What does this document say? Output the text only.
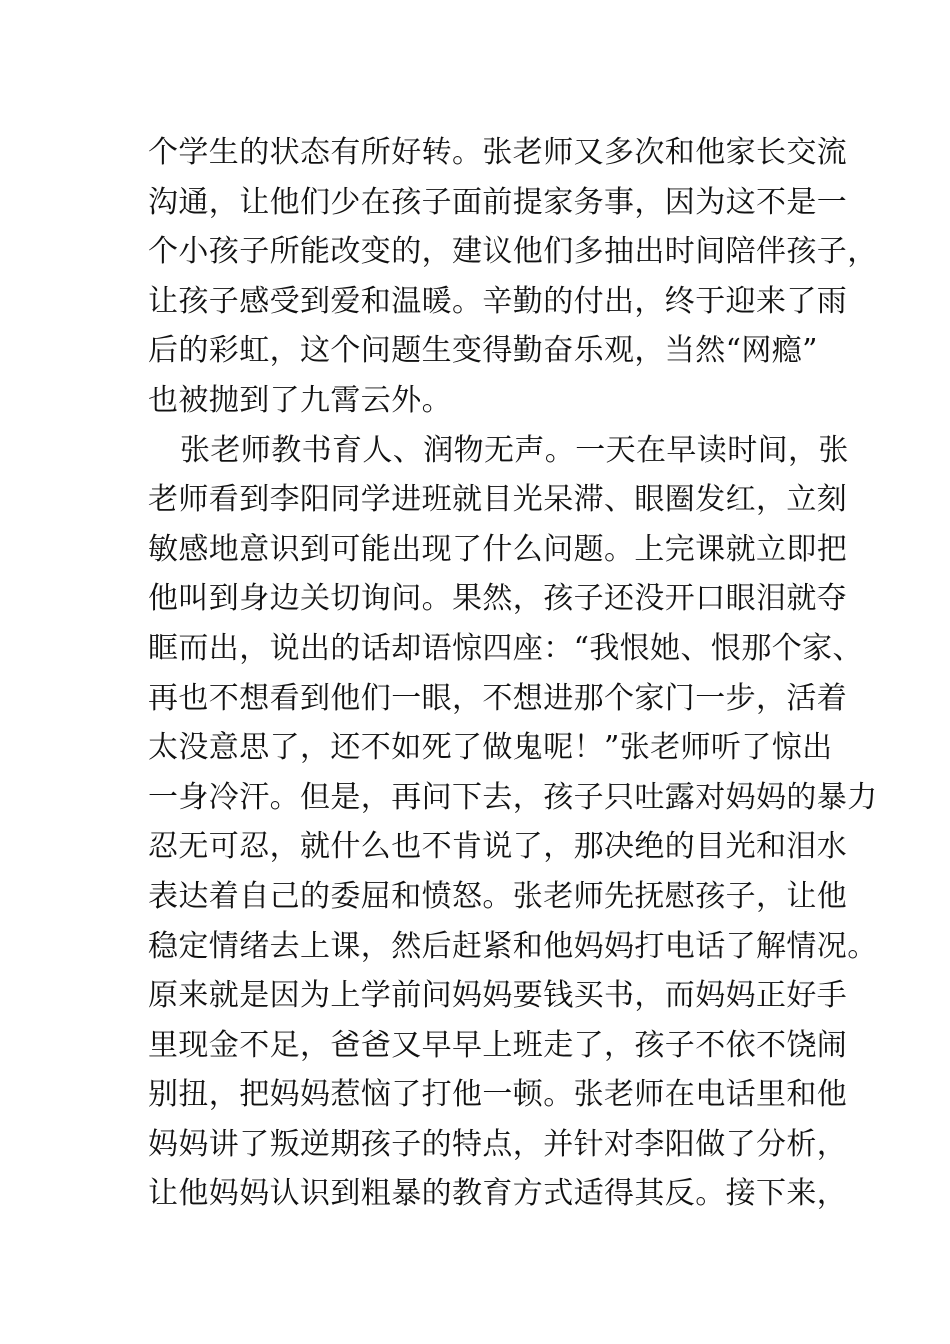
个学生的状态有所好转。张老师又多次和他家长交流
沟通，让他们少在孩子面前提家务事，因为这不是一
个小孩子所能改变的，建议他们多抽出时间陪伴孩子，
让孩子感受到爱和温暖。辛勤的付出，终于迎来了雨
后的彩虹，这个问题生变得勤奋乐观，当然“网瘾”
也被抛到了九霄云外。
张老师教书育人、润物无声。一天在早读时间，张
老师看到李阳同学进班就目光呆滞、眼圈发红，立刻
敏感地意识到可能出现了什么问题。上完课就立即把
他叫到身边关切询问。果然，孩子还没开口眼泪就夺
眶而出，说出的话却语惊四座：“我恨她、恨那个家、
再也不想看到他们一眼，不想进那个家门一步，活着
太没意思了，还不如死了做鬼呢！”张老师听了惊出
一身冷汗。但是，再问下去，孩子只吐露对妈妈的暴力
忍无可忍，就什么也不肯说了，那决绝的目光和泪水
表达着自己的委屈和愤怒。张老师先抚慰孩子，让他
稳定情绪去上课，然后赶紧和他妈妈打电话了解情况。
原来就是因为上学前问妈妈要钱买书，而妈妈正好手
里现金不足，爸爸又早早上班走了，孩子不依不饶闹
别扭，把妈妈惹恼了打他一顿。张老师在电话里和他
妈妈讲了叛逆期孩子的特点，并针对李阳做了分析，
让他妈妈认识到粗暴的教育方式适得其反。接下来，
